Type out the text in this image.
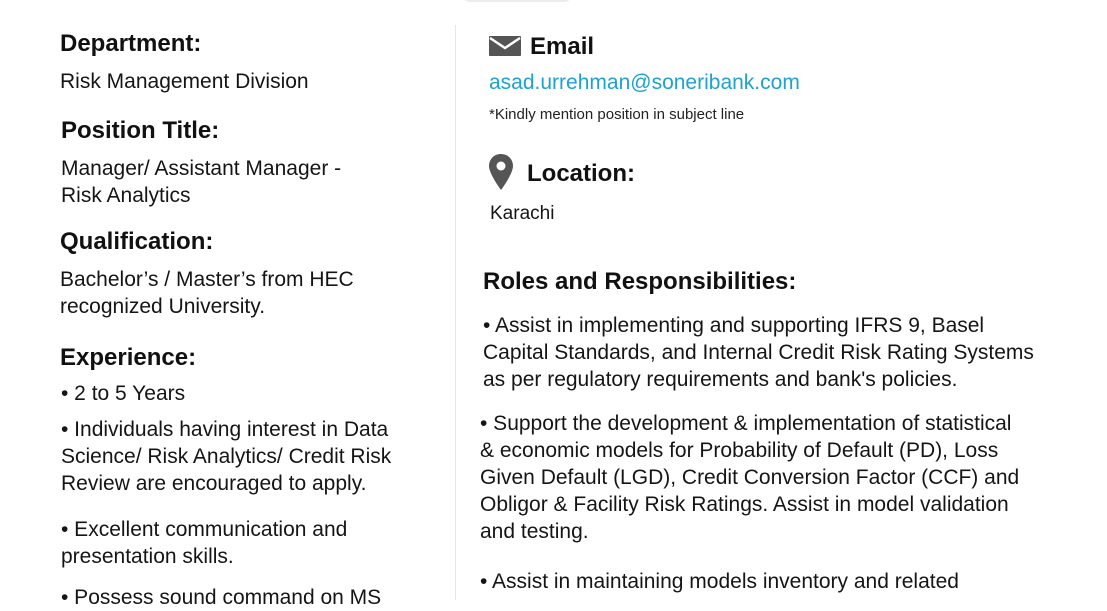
Department:
Risk Management Division
Position Title:
Manager/ Assistant Manager -
Risk Analytics
Qualification:
Bachelor’s / Master’s from HEC
recognized University.
Experience:
• 2 to 5 Years
• Individuals having interest in Data
Science/ Risk Analytics/ Credit Risk
Review are encouraged to apply.
• Excellent communication and
presentation skills.
• Possess sound command on MS
Email
asad.urrehman@soneribank.com
*Kindly mention position in subject line
Location:
Karachi
Roles and Responsibilities:
• Assist in implementing and supporting IFRS 9, Basel
Capital Standards, and Internal Credit Risk Rating Systems
as per regulatory requirements and bank's policies.
• Support the development & implementation of statistical
& economic models for Probability of Default (PD), Loss
Given Default (LGD), Credit Conversion Factor (CCF) and
Obligor & Facility Risk Ratings. Assist in model validation
and testing.
• Assist in maintaining models inventory and related
